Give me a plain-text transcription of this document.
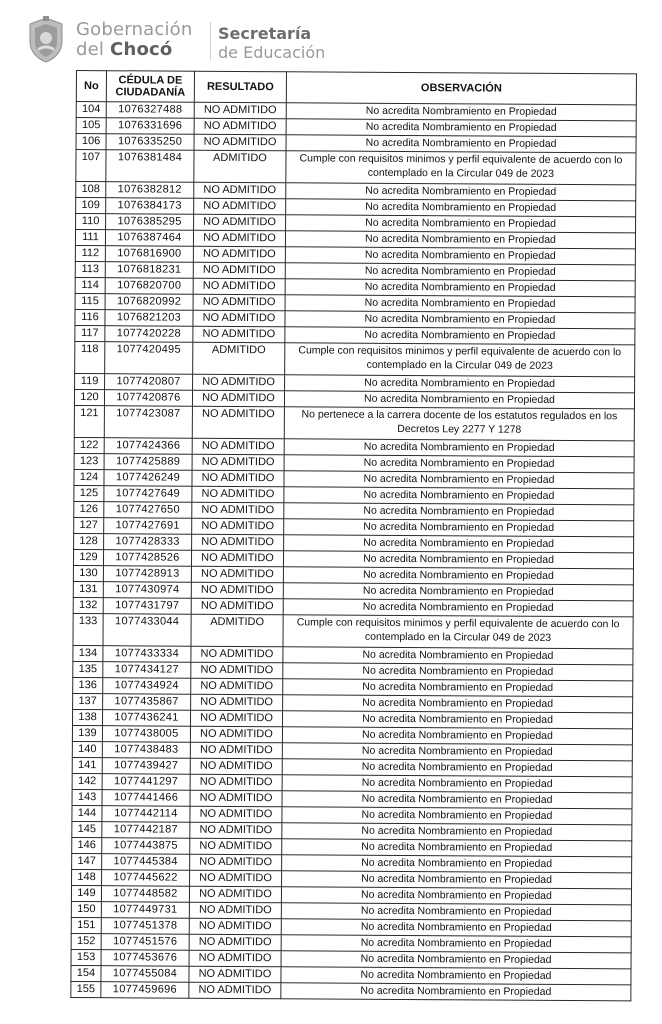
Gobernación
del Chocó
Secretaría
de Educación
No	CÉDULA DE CIUDADANÍA	RESULTADO	OBSERVACIÓN
104	1076327488	NO ADMITIDO	No acredita Nombramiento en Propiedad
105	1076331696	NO ADMITIDO	No acredita Nombramiento en Propiedad
106	1076335250	NO ADMITIDO	No acredita Nombramiento en Propiedad
107	1076381484	ADMITIDO	Cumple con requisitos minimos y perfil equivalente de acuerdo con lo contemplado en la Circular 049 de 2023
108	1076382812	NO ADMITIDO	No acredita Nombramiento en Propiedad
109	1076384173	NO ADMITIDO	No acredita Nombramiento en Propiedad
110	1076385295	NO ADMITIDO	No acredita Nombramiento en Propiedad
111	1076387464	NO ADMITIDO	No acredita Nombramiento en Propiedad
112	1076816900	NO ADMITIDO	No acredita Nombramiento en Propiedad
113	1076818231	NO ADMITIDO	No acredita Nombramiento en Propiedad
114	1076820700	NO ADMITIDO	No acredita Nombramiento en Propiedad
115	1076820992	NO ADMITIDO	No acredita Nombramiento en Propiedad
116	1076821203	NO ADMITIDO	No acredita Nombramiento en Propiedad
117	1077420228	NO ADMITIDO	No acredita Nombramiento en Propiedad
118	1077420495	ADMITIDO	Cumple con requisitos minimos y perfil equivalente de acuerdo con lo contemplado en la Circular 049 de 2023
119	1077420807	NO ADMITIDO	No acredita Nombramiento en Propiedad
120	1077420876	NO ADMITIDO	No acredita Nombramiento en Propiedad
121	1077423087	NO ADMITIDO	No pertenece a la carrera docente de los estatutos regulados en los Decretos Ley 2277 Y 1278
122	1077424366	NO ADMITIDO	No acredita Nombramiento en Propiedad
123	1077425889	NO ADMITIDO	No acredita Nombramiento en Propiedad
124	1077426249	NO ADMITIDO	No acredita Nombramiento en Propiedad
125	1077427649	NO ADMITIDO	No acredita Nombramiento en Propiedad
126	1077427650	NO ADMITIDO	No acredita Nombramiento en Propiedad
127	1077427691	NO ADMITIDO	No acredita Nombramiento en Propiedad
128	1077428333	NO ADMITIDO	No acredita Nombramiento en Propiedad
129	1077428526	NO ADMITIDO	No acredita Nombramiento en Propiedad
130	1077428913	NO ADMITIDO	No acredita Nombramiento en Propiedad
131	1077430974	NO ADMITIDO	No acredita Nombramiento en Propiedad
132	1077431797	NO ADMITIDO	No acredita Nombramiento en Propiedad
133	1077433044	ADMITIDO	Cumple con requisitos minimos y perfil equivalente de acuerdo con lo contemplado en la Circular 049 de 2023
134	1077433334	NO ADMITIDO	No acredita Nombramiento en Propiedad
135	1077434127	NO ADMITIDO	No acredita Nombramiento en Propiedad
136	1077434924	NO ADMITIDO	No acredita Nombramiento en Propiedad
137	1077435867	NO ADMITIDO	No acredita Nombramiento en Propiedad
138	1077436241	NO ADMITIDO	No acredita Nombramiento en Propiedad
139	1077438005	NO ADMITIDO	No acredita Nombramiento en Propiedad
140	1077438483	NO ADMITIDO	No acredita Nombramiento en Propiedad
141	1077439427	NO ADMITIDO	No acredita Nombramiento en Propiedad
142	1077441297	NO ADMITIDO	No acredita Nombramiento en Propiedad
143	1077441466	NO ADMITIDO	No acredita Nombramiento en Propiedad
144	1077442114	NO ADMITIDO	No acredita Nombramiento en Propiedad
145	1077442187	NO ADMITIDO	No acredita Nombramiento en Propiedad
146	1077443875	NO ADMITIDO	No acredita Nombramiento en Propiedad
147	1077445384	NO ADMITIDO	No acredita Nombramiento en Propiedad
148	1077445622	NO ADMITIDO	No acredita Nombramiento en Propiedad
149	1077448582	NO ADMITIDO	No acredita Nombramiento en Propiedad
150	1077449731	NO ADMITIDO	No acredita Nombramiento en Propiedad
151	1077451378	NO ADMITIDO	No acredita Nombramiento en Propiedad
152	1077451576	NO ADMITIDO	No acredita Nombramiento en Propiedad
153	1077453676	NO ADMITIDO	No acredita Nombramiento en Propiedad
154	1077455084	NO ADMITIDO	No acredita Nombramiento en Propiedad
155	1077459696	NO ADMITIDO	No acredita Nombramiento en Propiedad
